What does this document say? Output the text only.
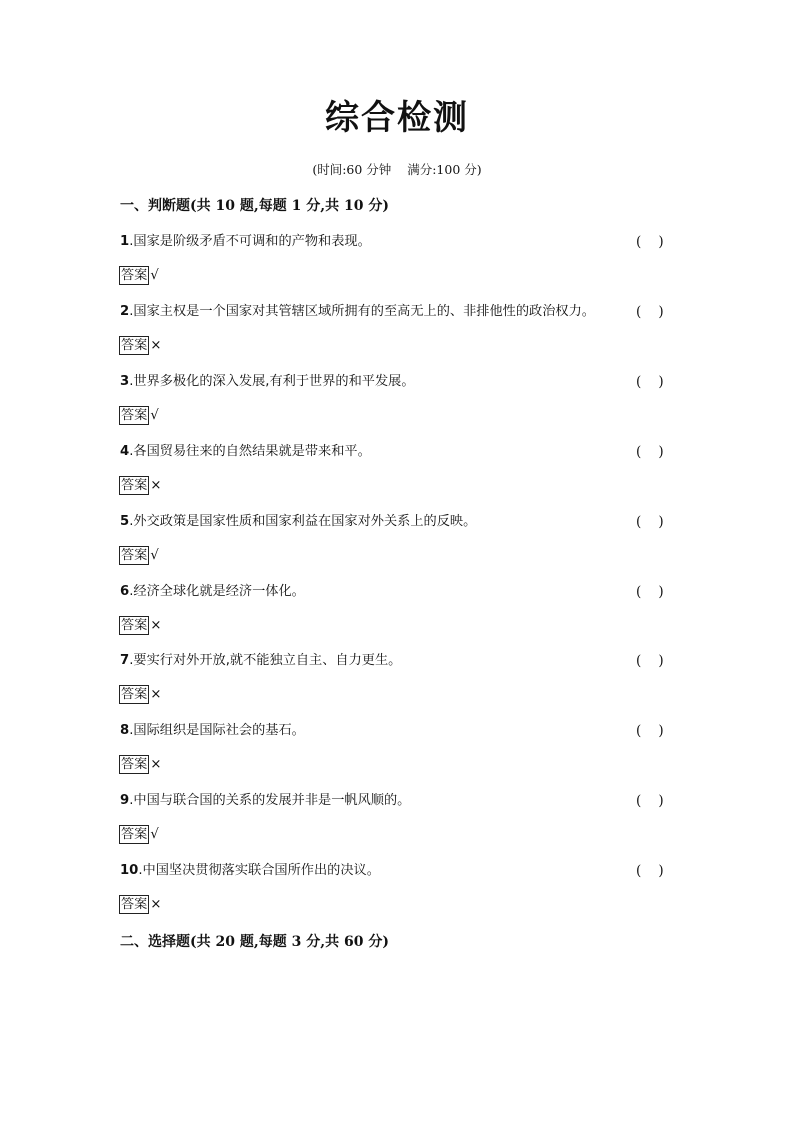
综合检测
(时间:60 分钟 满分:100 分)
一、判断题(共 10 题,每题 1 分,共 10 分)
1.国家是阶级矛盾不可调和的产物和表现。	(    )
答案 √
2.国家主权是一个国家对其管辖区域所拥有的至高无上的、非排他性的政治权力。	(    )
答案 ×
3.世界多极化的深入发展,有利于世界的和平发展。	(    )
答案 √
4.各国贸易往来的自然结果就是带来和平。	(    )
答案 ×
5.外交政策是国家性质和国家利益在国家对外关系上的反映。	(    )
答案 √
6.经济全球化就是经济一体化。	(    )
答案 ×
7.要实行对外开放,就不能独立自主、自力更生。	(    )
答案 ×
8.国际组织是国际社会的基石。	(    )
答案 ×
9.中国与联合国的关系的发展并非是一帆风顺的。	(    )
答案 √
10.中国坚决贯彻落实联合国所作出的决议。	(    )
答案 ×
二、选择题(共 20 题,每题 3 分,共 60 分)
